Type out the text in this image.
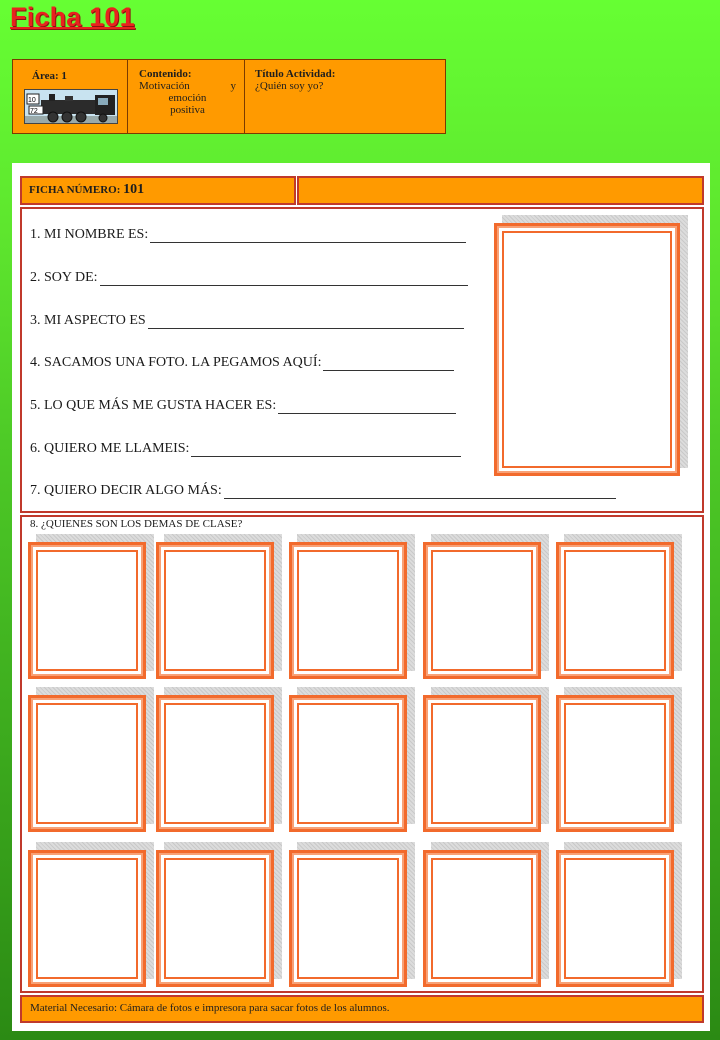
Ficha 101
Área: 1
10
72
Contenido:
Motivación	y
emoción
positiva
Título Actividad:
¿Quién soy yo?
FICHA NÚMERO: 101
1. MI NOMBRE ES:
2. SOY DE:
3. MI ASPECTO ES
4. SACAMOS UNA FOTO. LA PEGAMOS AQUÍ:
5. LO QUE MÁS ME GUSTA HACER ES:
6. QUIERO ME LLAMEIS:
7. QUIERO DECIR ALGO MÁS:
8. ¿QUIENES SON LOS DEMAS DE CLASE?
Material Necesario: Cámara de fotos e impresora para sacar fotos de los alumnos.
